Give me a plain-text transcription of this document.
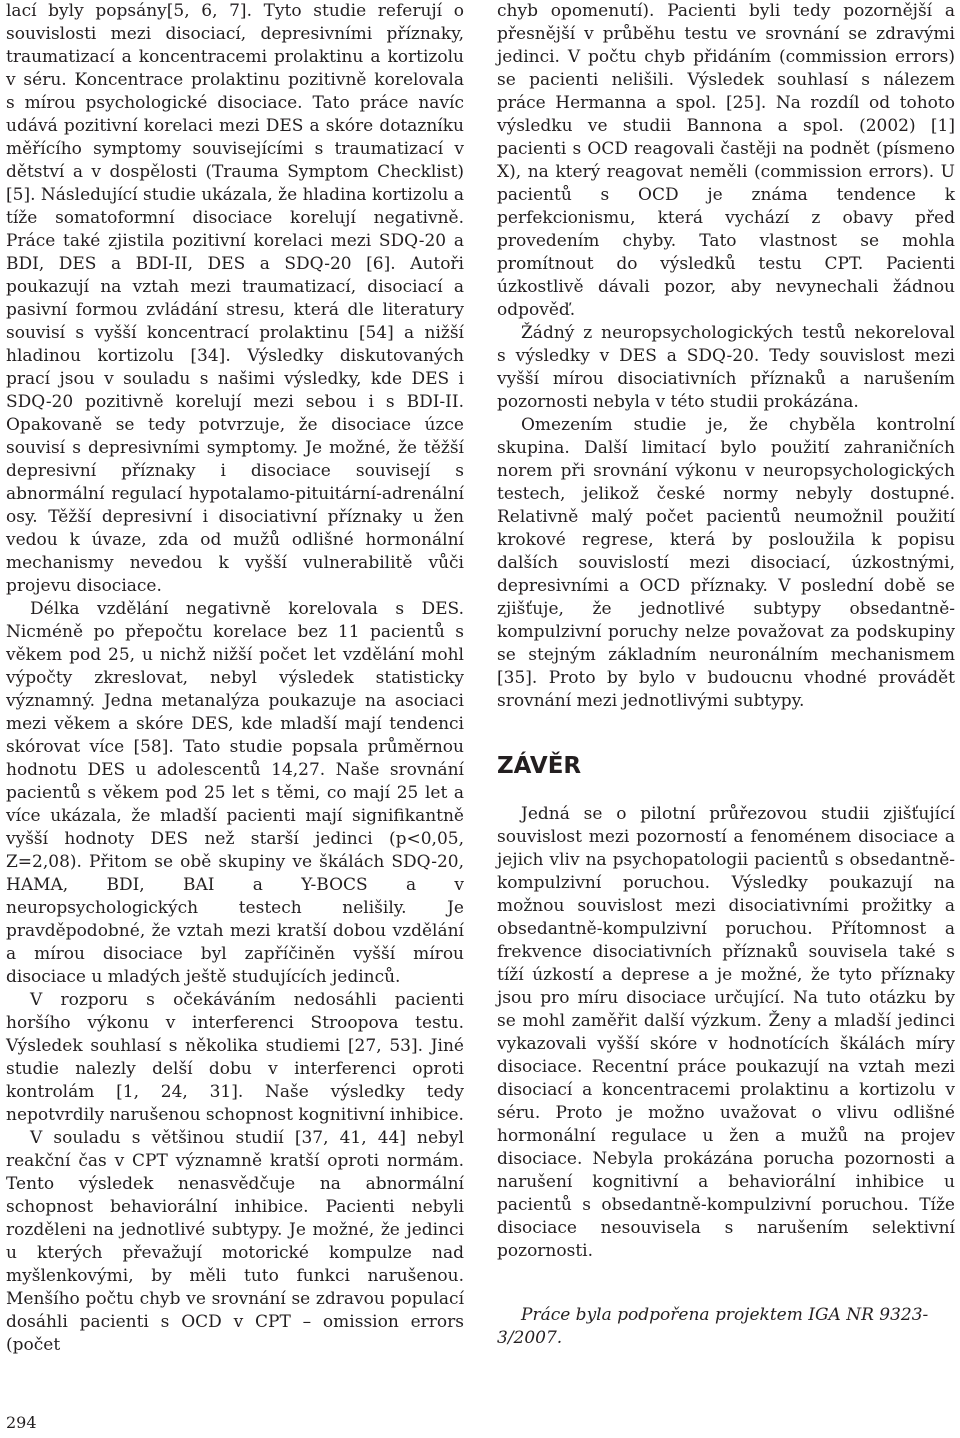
lací byly popsány[5, 6, 7]. Tyto studie referují o souvislosti mezi disociací, depresivními příznaky, traumatizací a koncentracemi prolaktinu a kortizolu v séru. Koncentrace prolaktinu pozitivně korelovala s mírou psychologické disociace. Tato práce navíc udává pozitivní korelaci mezi DES a skóre dotazníku měřícího symptomy souvisejícími s traumatizací v dětství a v dospělosti (Trauma Symptom Checklist) [5]. Následující studie ukázala, že hladina kortizolu a tíže somatoformní disociace korelují negativně. Práce také zjistila pozitivní korelaci mezi SDQ-20 a BDI, DES a BDI-II, DES a SDQ-20 [6]. Autoři poukazují na vztah mezi traumatizací, disociací a pasivní formou zvládání stresu, která dle literatury souvisí s vyšší koncentrací prolaktinu [54] a nižší hladinou kortizolu [34]. Výsledky diskutovaných prací jsou v souladu s našimi výsledky, kde DES i SDQ-20 pozitivně korelují mezi sebou i s BDI-II. Opakovaně se tedy potvrzuje, že disociace úzce souvisí s depresivními symptomy. Je možné, že těžší depresivní příznaky i disociace souvisejí s abnormální regulací hypotalamo-pituitární-adrenální osy. Těžší depresivní i disociativní příznaky u žen vedou k úvaze, zda od mužů odlišné hormonální mechanismy nevedou k vyšší vulnerabilitě vůči projevu disociace.

Délka vzdělání negativně korelovala s DES. Nicméně po přepočtu korelace bez 11 pacientů s věkem pod 25, u nichž nižší počet let vzdělání mohl výpočty zkreslovat, nebyl výsledek statisticky významný. Jedna metanalýza poukazuje na asociaci mezi věkem a skóre DES, kde mladší mají tendenci skórovat více [58]. Tato studie popsala průměrnou hodnotu DES u adolescentů 14,27. Naše srovnání pacientů s věkem pod 25 let s těmi, co mají 25 let a více ukázala, že mladší pacienti mají signifikantně vyšší hodnoty DES než starší jedinci (p<0,05, Z=2,08). Přitom se obě skupiny ve škálách SDQ-20, HAMA, BDI, BAI a Y-BOCS a v neuropsychologických testech nelišily. Je pravděpodobné, že vztah mezi kratší dobou vzdělání a mírou disociace byl zapříčiněn vyšší mírou disociace u mladých ještě studujících jedinců.

V rozporu s očekáváním nedosáhli pacienti horšího výkonu v interferenci Stroopova testu. Výsledek souhlasí s několika studiemi [27, 53]. Jiné studie nalezly delší dobu v interferenci oproti kontrolám [1, 24, 31]. Naše výsledky tedy nepotvrdily narušenou schopnost kognitivní inhibice.

V souladu s většinou studií [37, 41, 44] nebyl reakční čas v CPT významně kratší oproti normám. Tento výsledek nenasvědčuje na abnormální schopnost behaviorální inhibice. Pacienti nebyli rozděleni na jednotlivé subtypy. Je možné, že jedinci u kterých převažují motorické kompulze nad myšlenkovými, by měli tuto funkci narušenou. Menšího počtu chyb ve srovnání se zdravou populací dosáhli pacienti s OCD v CPT – omission errors (počet

chyb opomenutí). Pacienti byli tedy pozornější a přesnější v průběhu testu ve srovnání se zdravými jedinci. V počtu chyb přidáním (commission errors) se pacienti nelišili. Výsledek souhlasí s nálezem práce Hermanna a spol. [25]. Na rozdíl od tohoto výsledku ve studii Bannona a spol. (2002) [1] pacienti s OCD reagovali častěji na podnět (písmeno X), na který reagovat neměli (commission errors). U pacientů s OCD je známa tendence k perfekcionismu, která vychází z obavy před provedením chyby. Tato vlastnost se mohla promítnout do výsledků testu CPT. Pacienti úzkostlivě dávali pozor, aby nevynechali žádnou odpověď.

Žádný z neuropsychologických testů nekoreloval s výsledky v DES a SDQ-20. Tedy souvislost mezi vyšší mírou disociativních příznaků a narušením pozornosti nebyla v této studii prokázána.

Omezením studie je, že chyběla kontrolní skupina. Další limitací bylo použití zahraničních norem při srovnání výkonu v neuropsychologických testech, jelikož české normy nebyly dostupné. Relativně malý počet pacientů neumožnil použití krokové regrese, která by posloužila k popisu dalších souvislostí mezi disociací, úzkostnými, depresivními a OCD příznaky. V poslední době se zjišťuje, že jednotlivé subtypy obsedantně-kompulzivní poruchy nelze považovat za podskupiny se stejným základním neuronálním mechanismem [35]. Proto by bylo v budoucnu vhodné provádět srovnání mezi jednotlivými subtypy.

ZÁVĚR

Jedná se o pilotní průřezovou studii zjišťující souvislost mezi pozorností a fenoménem disociace a jejich vliv na psychopatologii pacientů s obsedantně-kompulzivní poruchou. Výsledky poukazují na možnou souvislost mezi disociativními prožitky a obsedantně-kompulzivní poruchou. Přítomnost a frekvence disociativních příznaků souvisela také s tíží úzkostí a deprese a je možné, že tyto příznaky jsou pro míru disociace určující. Na tuto otázku by se mohl zaměřit další výzkum. Ženy a mladší jedinci vykazovali vyšší skóre v hodnotících škálách míry disociace. Recentní práce poukazují na vztah mezi disociací a koncentracemi prolaktinu a kortizolu v séru. Proto je možno uvažovat o vlivu odlišné hormonální regulace u žen a mužů na projev disociace. Nebyla prokázána porucha pozornosti a narušení kognitivní a behaviorální inhibice u pacientů s obsedantně-kompulzivní poruchou. Tíže disociace nesouvisela s narušením selektivní pozornosti.

Práce byla podpořena projektem IGA NR 9323-3/2007.

294
